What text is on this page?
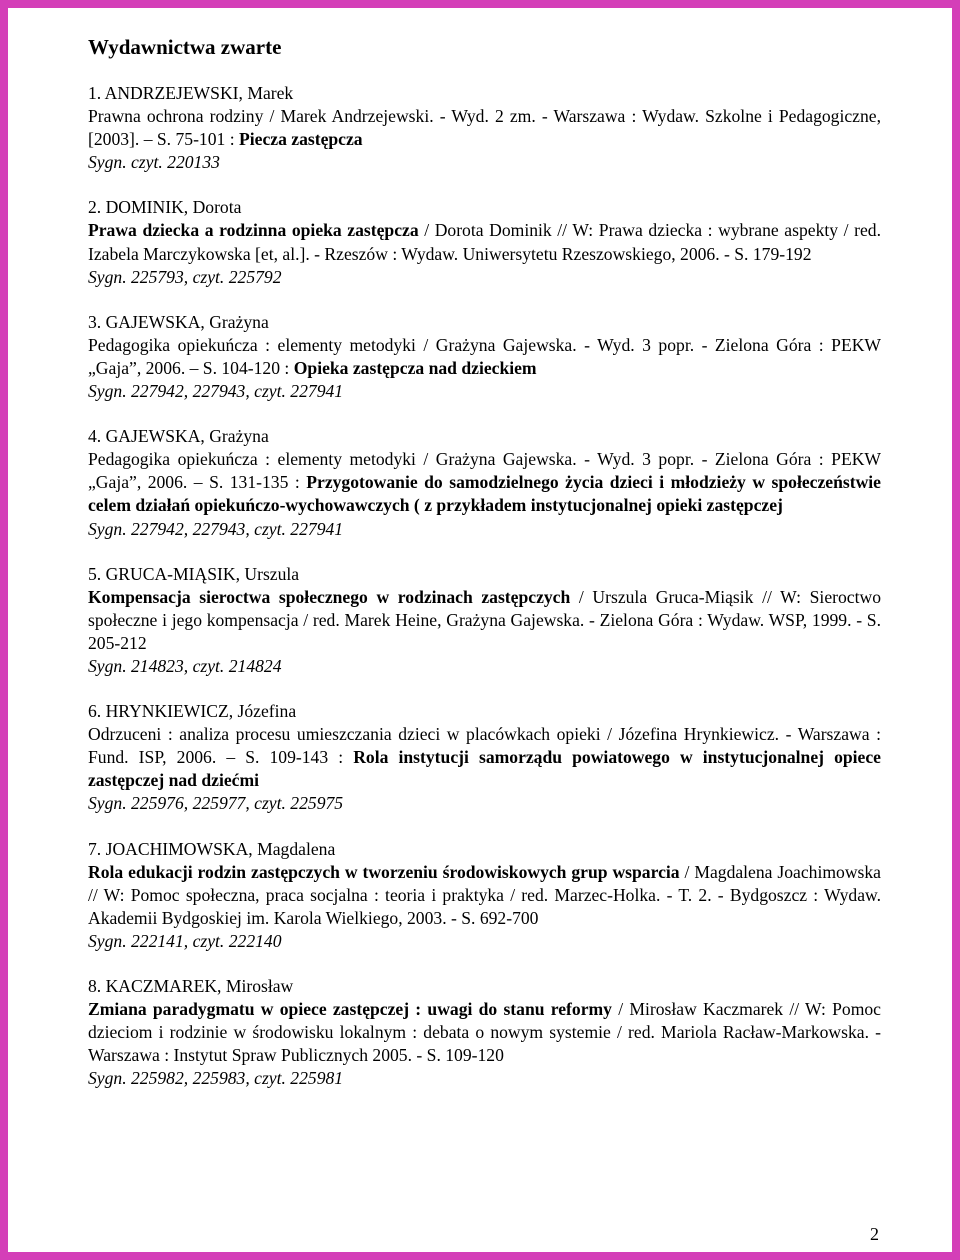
Wydawnictwa zwarte

1. ANDRZEJEWSKI, Marek

Prawna ochrona rodziny / Marek Andrzejewski. - Wyd. 2 zm. - Warszawa : Wydaw. Szkolne i Pedagogiczne, [2003]. – S. 75-101 : Piecza zastępcza

Sygn. czyt. 220133

2. DOMINIK, Dorota

Prawa dziecka a rodzinna opieka zastępcza / Dorota Dominik // W: Prawa dziecka : wybrane aspekty / red. Izabela Marczykowska [et, al.]. - Rzeszów : Wydaw. Uniwersytetu Rzeszowskiego, 2006. - S. 179-192

Sygn. 225793, czyt. 225792

3. GAJEWSKA, Grażyna

Pedagogika opiekuńcza : elementy metodyki / Grażyna Gajewska. - Wyd. 3 popr. - Zielona Góra : PEKW „Gaja”, 2006. – S. 104-120 : Opieka zastępcza nad dzieckiem

Sygn. 227942, 227943, czyt. 227941

4. GAJEWSKA, Grażyna

Pedagogika opiekuńcza : elementy metodyki / Grażyna Gajewska. - Wyd. 3 popr. - Zielona Góra : PEKW „Gaja”, 2006. – S. 131-135 : Przygotowanie do samodzielnego życia dzieci i młodzieży w społeczeństwie celem działań opiekuńczo-wychowawczych ( z przykładem instytucjonalnej opieki zastępczej

Sygn. 227942, 227943, czyt. 227941

5. GRUCA-MIĄSIK, Urszula

Kompensacja sieroctwa społecznego w rodzinach zastępczych / Urszula Gruca-Miąsik // W: Sieroctwo społeczne i jego kompensacja / red. Marek Heine, Grażyna Gajewska. - Zielona Góra : Wydaw. WSP, 1999. - S. 205-212

Sygn. 214823, czyt. 214824

6. HRYNKIEWICZ, Józefina

Odrzuceni : analiza procesu umieszczania dzieci w placówkach opieki / Józefina Hrynkiewicz. - Warszawa : Fund. ISP, 2006. – S. 109-143 : Rola instytucji samorządu powiatowego w instytucjonalnej opiece zastępczej nad dziećmi

Sygn. 225976, 225977, czyt. 225975

7. JOACHIMOWSKA, Magdalena

Rola edukacji rodzin zastępczych w tworzeniu środowiskowych grup wsparcia / Magdalena Joachimowska // W: Pomoc społeczna, praca socjalna : teoria i praktyka / red. Marzec-Holka. - T. 2. - Bydgoszcz : Wydaw. Akademii Bydgoskiej im. Karola Wielkiego, 2003. - S. 692-700

Sygn. 222141, czyt. 222140

8. KACZMAREK, Mirosław

Zmiana paradygmatu w opiece zastępczej : uwagi do stanu reformy / Mirosław Kaczmarek // W: Pomoc dzieciom i rodzinie w środowisku lokalnym : debata o nowym systemie / red. Mariola Racław-Markowska. - Warszawa : Instytut Spraw Publicznych 2005. - S. 109-120

Sygn. 225982, 225983, czyt. 225981

2
